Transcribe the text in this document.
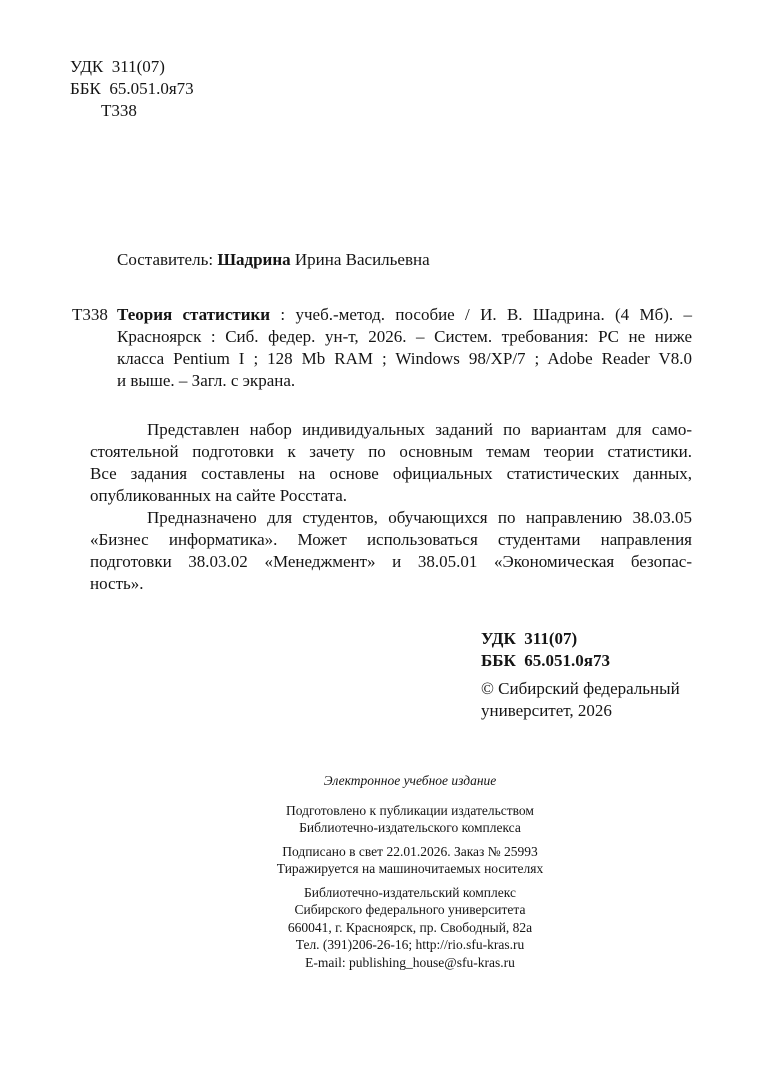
УДК  311(07)
ББК  65.051.0я73
Т338
Составитель: Шадрина Ирина Васильевна
Т338 Теория статистики : учеб.-метод. пособие / И. В. Шадрина. (4 Мб). –
Красноярск : Сиб. федер. ун-т, 2026. – Систем. требования: PC не ниже
класса Pentium I ; 128 Mb RAM ; Windows 98/XP/7 ; Adobe Reader V8.0
и выше. – Загл. с экрана.
Представлен набор индивидуальных заданий по вариантам для само-
стоятельной подготовки к зачету по основным темам теории статистики.
Все задания составлены на основе официальных статистических данных,
опубликованных на сайте Росстата.
Предназначено для студентов, обучающихся по направлению 38.03.05
«Бизнес информатика». Может использоваться студентами направления
подготовки 38.03.02 «Менеджмент» и 38.05.01 «Экономическая безопас-
ность».
УДК  311(07)
ББК  65.051.0я73
© Сибирский федеральный
университет, 2026
Электронное учебное издание
Подготовлено к публикации издательством
Библиотечно-издательского комплекса
Подписано в свет 22.01.2026. Заказ № 25993
Тиражируется на машиночитаемых носителях
Библиотечно-издательский комплекс
Сибирского федерального университета
660041, г. Красноярск, пр. Свободный, 82а
Тел. (391)206-26-16; http://rio.sfu-kras.ru
E-mail: publishing_house@sfu-kras.ru
